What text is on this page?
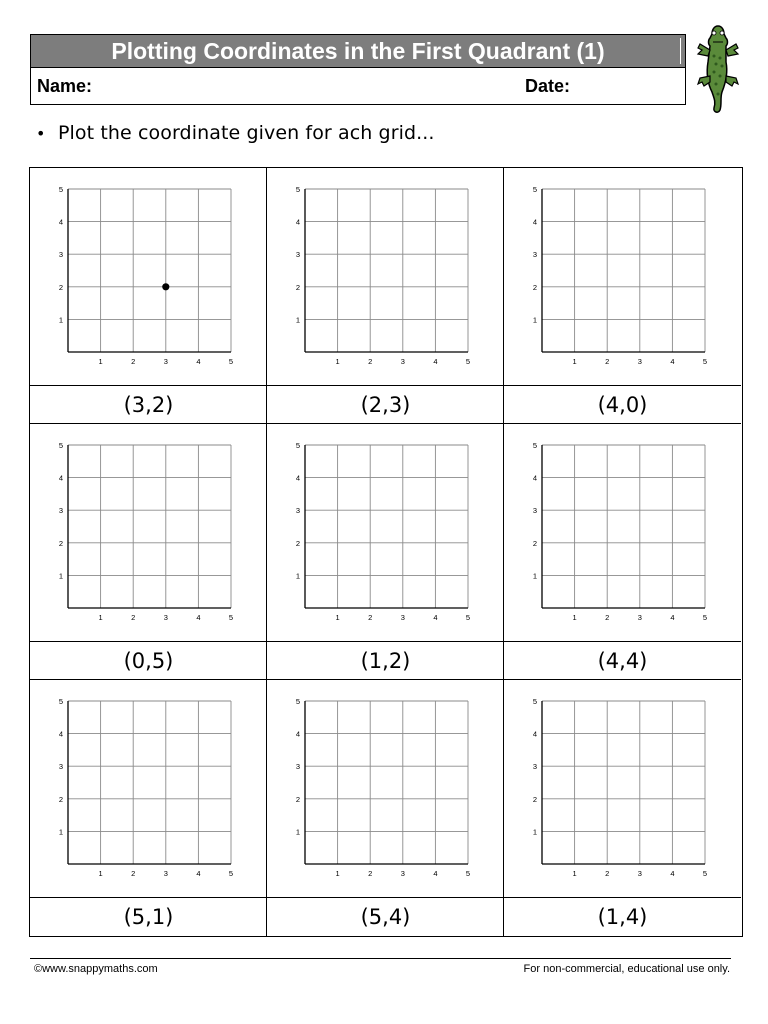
Plotting Coordinates in the First Quadrant (1)
Name:	Date:
• Plot the coordinate given for ach grid...
1	2	3	4	5
1
2
3
4
5
(3,2)
1	2	3	4	5
1
2
3
4
5
(2,3)
1	2	3	4	5
1
2
3
4
5
(4,0)
1	2	3	4	5
1
2
3
4
5
(0,5)
1	2	3	4	5
1
2
3
4
5
(1,2)
1	2	3	4	5
1
2
3
4
5
(4,4)
1	2	3	4	5
1
2
3
4
5
(5,1)
1	2	3	4	5
1
2
3
4
5
(5,4)
1	2	3	4	5
1
2
3
4
5
(1,4)
©www.snappymaths.com	For non-commercial, educational use only.
